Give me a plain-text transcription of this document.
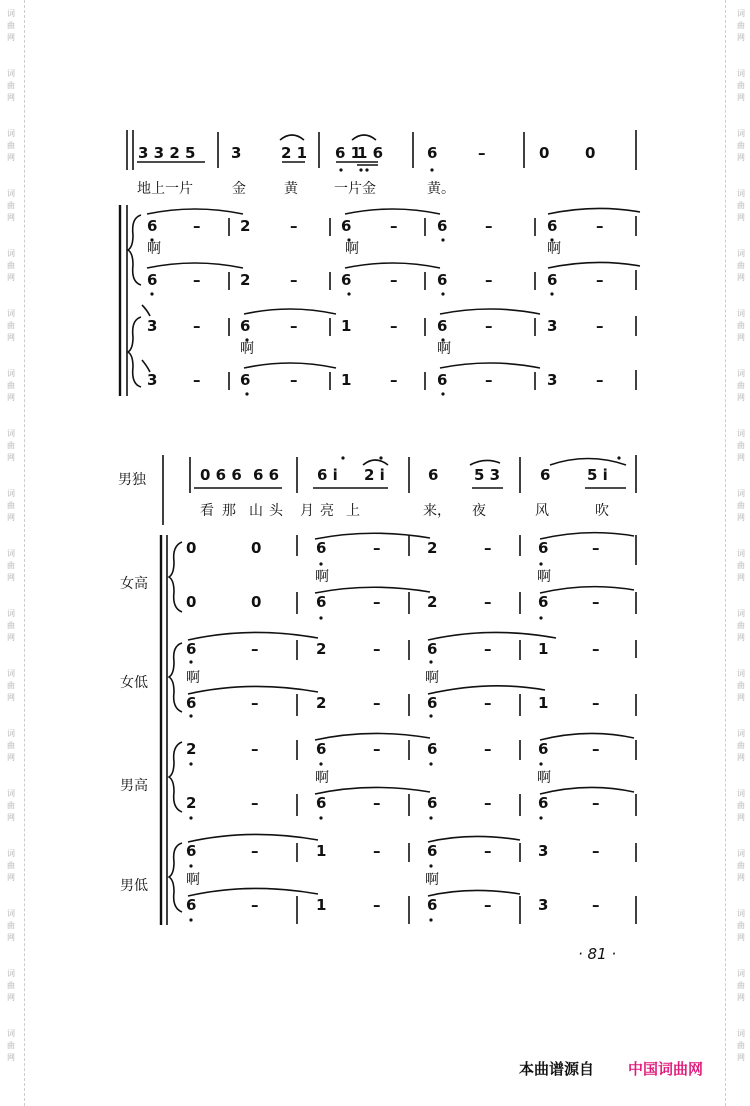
词
曲
网
词
曲
网
词
曲
网
词
曲
网
词
曲
网
词
曲
网
词
曲
网
词
曲
网
词
曲
网
词
曲
网
词
曲
网
词
曲
网
词
曲
网
词
曲
网
词
曲
网
词
曲
网
词
曲
网
词
曲
网
词
曲
网
词
曲
网
词
曲
网
词
曲
网
词
曲
网
词
曲
网
词
曲
网
词
曲
网
词
曲
网
词
曲
网
词
曲
网
词
曲
网
词
曲
网
词
曲
网
词
曲
网
词
曲
网
词
曲
网
词
曲
网
3 3 2 5 3	2 1 6 1
1 6	6	–	0 0
地上一片	金	黄	一片金	黄。
6 –	2	–	6	–	6	–	6	–
6 –	2	–	6	–	6	–	6	–
3 –	6	–	1	–	6	–	3	–
3 –	6	–	1	–	6	–	3	–
啊	啊	啊
啊	啊
男独	0 6 6 6 6	6 i 2 i	6 5 3	6 5 i
看 那 山 头 月 亮 上	来， 夜	风	吹
女高
0	0	6	–	2	–	6	–
0	0	6	–	2	–	6	–
啊	啊
女低
6	–	2	–	6	–	1	–
6	–	2	–	6	–	1	–
啊	啊
男高
2	–	6	–	6	–	6	–
2	–	6	–	6	–	6	–
啊	啊
男低
6	–	1	–	6	–	3	–
6	–	1	–	6	–	3	–
啊	啊
· 81 ·
本曲谱源自 中国词曲网
